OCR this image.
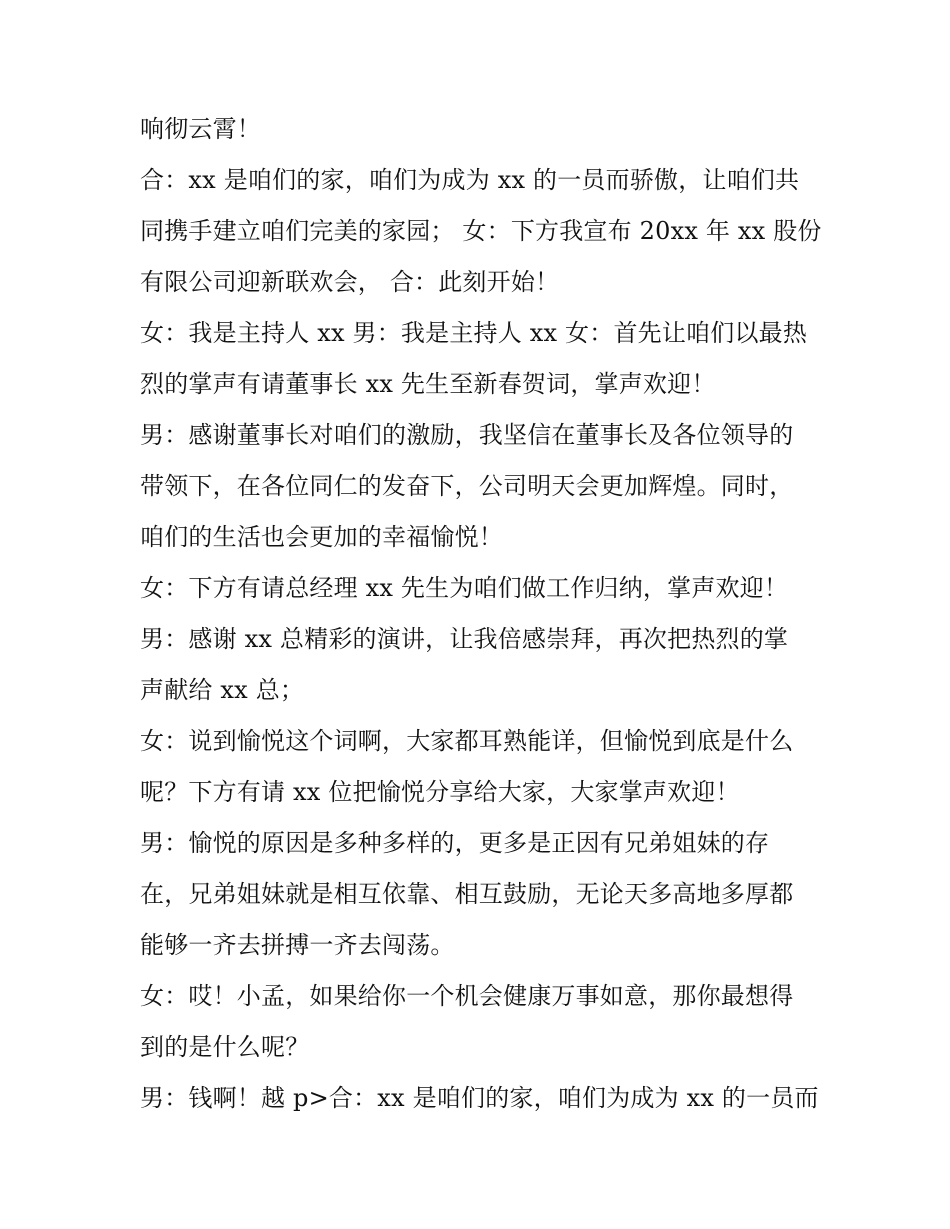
响彻云霄！
合：xx 是咱们的家，咱们为成为 xx 的一员而骄傲，让咱们共
同携手建立咱们完美的家园； 女：下方我宣布 20xx 年 xx 股份
有限公司迎新联欢会， 合：此刻开始！
女：我是主持人 xx 男：我是主持人 xx 女：首先让咱们以最热
烈的掌声有请董事长 xx 先生至新春贺词，掌声欢迎！
男：感谢董事长对咱们的激励，我坚信在董事长及各位领导的
带领下，在各位同仁的发奋下，公司明天会更加辉煌。同时，
咱们的生活也会更加的幸福愉悦！
女：下方有请总经理 xx 先生为咱们做工作归纳，掌声欢迎！
男：感谢 xx 总精彩的演讲，让我倍感崇拜，再次把热烈的掌
声献给 xx 总；
女：说到愉悦这个词啊，大家都耳熟能详，但愉悦到底是什么
呢？下方有请 xx 位把愉悦分享给大家，大家掌声欢迎！
男：愉悦的原因是多种多样的，更多是正因有兄弟姐妹的存
在，兄弟姐妹就是相互依靠、相互鼓励，无论天多高地多厚都
能够一齐去拼搏一齐去闯荡。
女：哎！小孟，如果给你一个机会健康万事如意，那你最想得
到的是什么呢？
男：钱啊！越 p>合：xx 是咱们的家，咱们为成为 xx 的一员而
